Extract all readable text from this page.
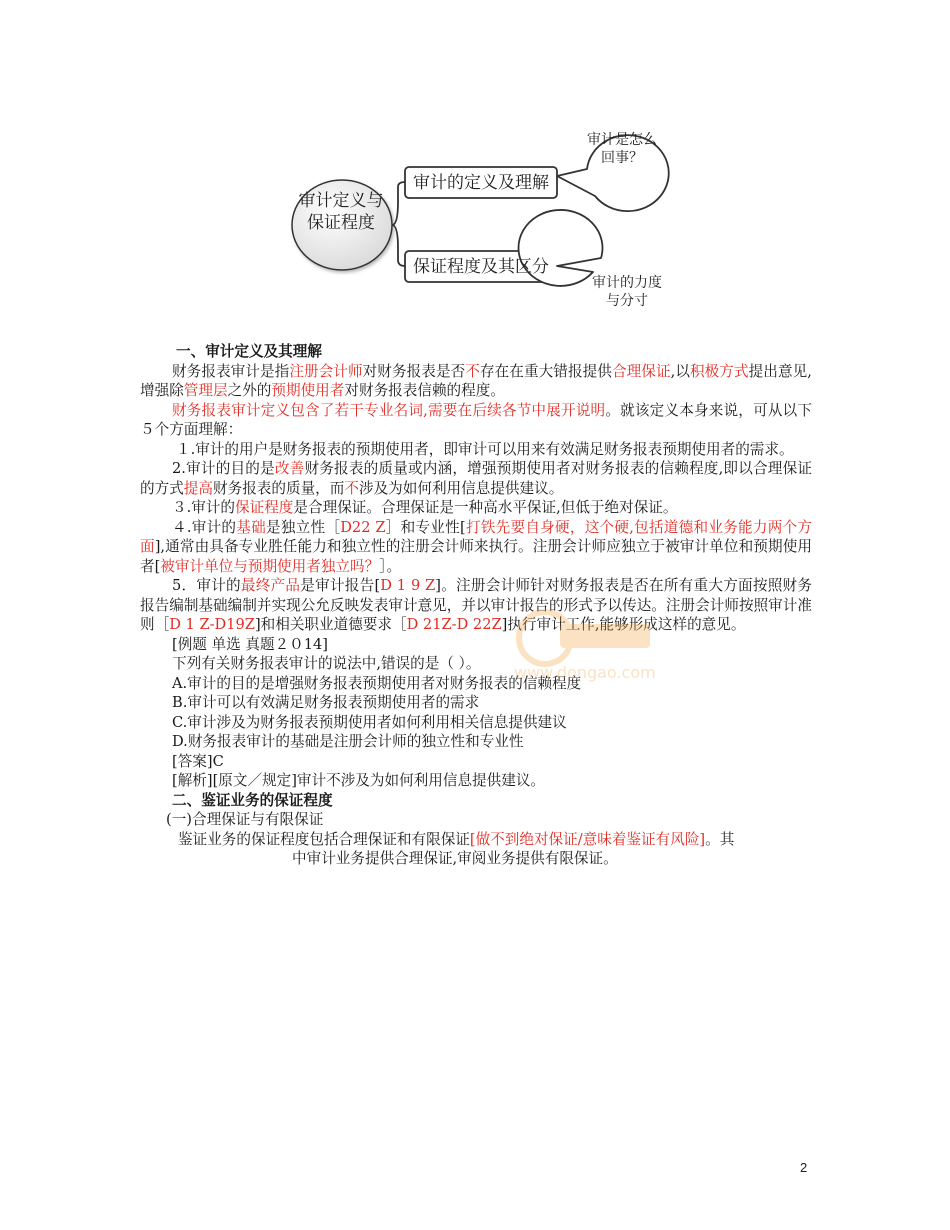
审计定义与保证程度
审计的定义及理解
保证程度及其区分
审计是怎么回事？
审计的力度与分寸

一、审计定义及其理解

财务报表审计是指注册会计师对财务报表是否不存在在重大错报提供合理保证,以积极方式提出意见,增强除管理层之外的预期使用者对财务报表信赖的程度。

财务报表审计定义包含了若干专业名词,需要在后续各节中展开说明。就该定义本身来说，可从以下５个方面理解：

１.审计的用户是财务报表的预期使用者，即审计可以用来有效满足财务报表预期使用者的需求。

2.审计的目的是改善财务报表的质量或内涵，增强预期使用者对财务报表的信赖程度,即以合理保证的方式提高财务报表的质量，而不涉及为如何利用信息提供建议。

３.审计的保证程度是合理保证。合理保证是一种高水平保证,但低于绝对保证。

４.审计的基础是独立性［D22 Z］和专业性[打铁先要自身硬，这个硬,包括道德和业务能力两个方面],通常由具备专业胜任能力和独立性的注册会计师来执行。注册会计师应独立于被审计单位和预期使用者[被审计单位与预期使用者独立吗？］。

5．审计的最终产品是审计报告[D 1 9 Z]。注册会计师针对财务报表是否在所有重大方面按照财务报告编制基础编制并实现公允反映发表审计意见，并以审计报告的形式予以传达。注册会计师按照审计准则［D 1 Z-D19Z]和相关职业道德要求［D 21Z-D 22Z]执行审计工作,能够形成这样的意见。

[例题 单选 真题２０14]

下列有关财务报表审计的说法中,错误的是（ ）。

A.审计的目的是增强财务报表预期使用者对财务报表的信赖程度

B.审计可以有效满足财务报表预期使用者的需求

C.审计涉及为财务报表预期使用者如何利用相关信息提供建议

D.财务报表审计的基础是注册会计师的独立性和专业性

[答案]C

[解析][原文／规定]审计不涉及为如何利用信息提供建议。

二、鉴证业务的保证程度

(一)合理保证与有限保证

鉴证业务的保证程度包括合理保证和有限保证[做不到绝对保证/意味着鉴证有风险]。其

中审计业务提供合理保证,审阅业务提供有限保证。

www.dongao.com
2
